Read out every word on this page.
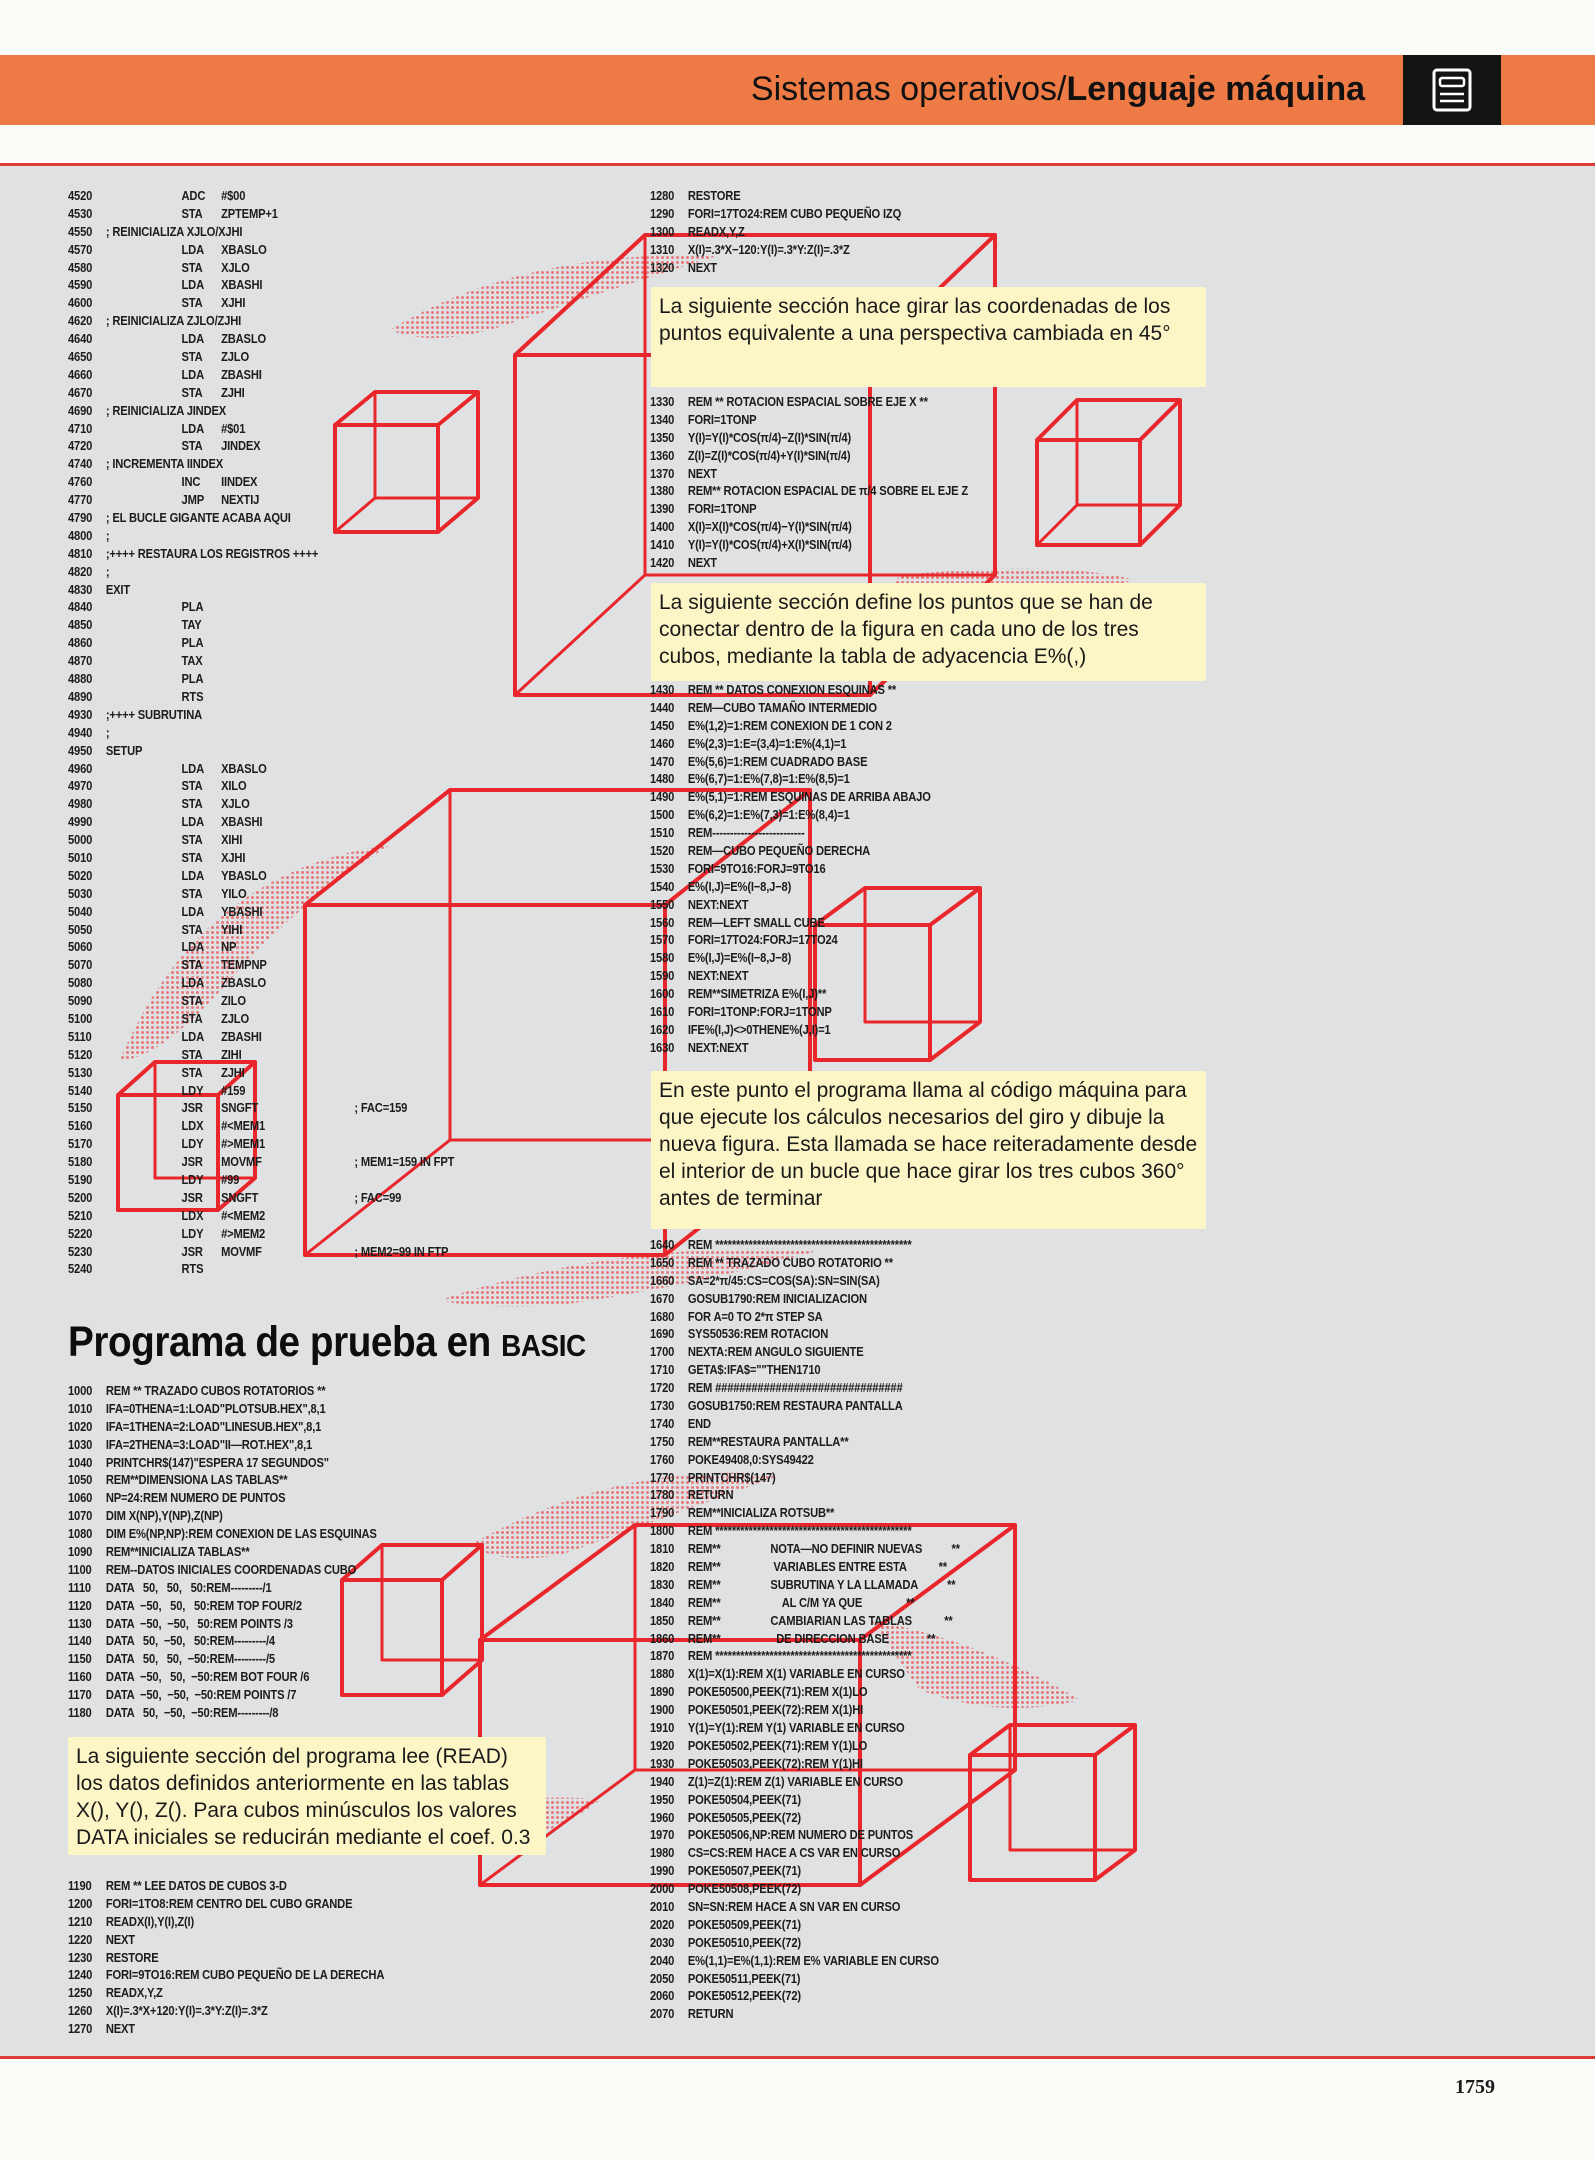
Sistemas operativos/Lenguaje máquina
4520	ADC #$00
4530	STA ZPTEMP+1
4550 ; REINICIALIZA XJLO/XJHI
4570	LDA XBASLO
4580	STA XJLO
4590	LDA XBASHI
4600	STA XJHI
4620 ; REINICIALIZA ZJLO/ZJHI
4640	LDA ZBASLO
4650	STA ZJLO
4660	LDA ZBASHI
4670	STA ZJHI
4690 ; REINICIALIZA JINDEX
4710	LDA #$01
4720	STA JINDEX
4740 ; INCREMENTA IINDEX
4760	INC IINDEX
4770	JMP NEXTIJ
4790 ; EL BUCLE GIGANTE ACABA AQUI
4800 ;
4810 ;++++ RESTAURA LOS REGISTROS ++++
4820 ;
4830 EXIT
4840	PLA
4850	TAY
4860	PLA
4870	TAX
4880	PLA
4890	RTS
4930 ;++++ SUBRUTINA
4940 ;
4950 SETUP
4960	LDA XBASLO
4970	STA XILO
4980	STA XJLO
4990	LDA XBASHI
5000	STA XIHI
5010	STA XJHI
5020	LDA YBASLO
5030	STA YILO
5040	LDA YBASHI
5050	STA YIHI
5060	LDA NP
5070	STA TEMPNP
5080	LDA ZBASLO
5090	STA ZILO
5100	STA ZJLO
5110	LDA ZBASHI
5120	STA ZIHI
5130	STA ZJHI
5140	LDY #159
5150	JSR SNGFT	; FAC=159
5160	LDX #<MEM1
5170	LDY #>MEM1
5180	JSR MOVMF	; MEM1=159 IN FPT
5190	LDY #99
5200	JSR SNGFT	; FAC=99
5210	LDX #<MEM2
5220	LDY #>MEM2
5230	JSR MOVMF	; MEM2=99 IN FTP
5240	RTS
Programa de prueba en BASIC
1000 REM ** TRAZADO CUBOS ROTATORIOS **
1010 IFA=0THENA=1:LOAD"PLOTSUB.HEX",8,1
1020 IFA=1THENA=2:LOAD"LINESUB.HEX",8,1
1030 IFA=2THENA=3:LOAD"II—ROT.HEX",8,1
1040 PRINTCHR$(147)"ESPERA 17 SEGUNDOS"
1050 REM**DIMENSIONA LAS TABLAS**
1060 NP=24:REM NUMERO DE PUNTOS
1070 DIM X(NP),Y(NP),Z(NP)
1080 DIM E%(NP,NP):REM CONEXION DE LAS ESQUINAS
1090 REM**INICIALIZA TABLAS**
1100 REM--DATOS INICIALES COORDENADAS CUBO
1110 DATA   50,   50,   50:REM---------/1
1120 DATA  −50,   50,   50:REM TOP FOUR/2
1130 DATA  −50,  −50,   50:REM POINTS /3
1140 DATA   50,  −50,   50:REM---------/4
1150 DATA   50,   50,  −50:REM---------/5
1160 DATA  −50,   50,  −50:REM BOT FOUR /6
1170 DATA  −50,  −50,  −50:REM POINTS /7
1180 DATA   50,  −50,  −50:REM---------/8
La siguiente sección del programa lee (READ) los datos definidos anteriormente en las tablas X(), Y(), Z(). Para cubos minúsculos los valores DATA iniciales se reducirán mediante el coef. 0.3
1190 REM ** LEE DATOS DE CUBOS 3-D
1200 FORI=1TO8:REM CENTRO DEL CUBO GRANDE
1210 READX(I),Y(I),Z(I)
1220 NEXT
1230 RESTORE
1240 FORI=9TO16:REM CUBO PEQUEÑO DE LA DERECHA
1250 READX,Y,Z
1260 X(I)=.3*X+120:Y(I)=.3*Y:Z(I)=.3*Z
1270 NEXT
1280 RESTORE
1290 FORI=17TO24:REM CUBO PEQUEÑO IZQ
1300 READX,Y,Z
1310 X(I)=.3*X−120:Y(I)=.3*Y:Z(I)=.3*Z
1320 NEXT
La siguiente sección hace girar las coordenadas de los puntos equivalente a una perspectiva cambiada en 45°
1330 REM ** ROTACION ESPACIAL SOBRE EJE X **
1340 FORI=1TONP
1350 Y(I)=Y(I)*COS(π/4)−Z(I)*SIN(π/4)
1360 Z(I)=Z(I)*COS(π/4)+Y(I)*SIN(π/4)
1370 NEXT
1380 REM** ROTACION ESPACIAL DE π/4 SOBRE EL EJE Z
1390 FORI=1TONP
1400 X(I)=X(I)*COS(π/4)−Y(I)*SIN(π/4)
1410 Y(I)=Y(I)*COS(π/4)+X(I)*SIN(π/4)
1420 NEXT
La siguiente sección define los puntos que se han de conectar dentro de la figura en cada uno de los tres cubos, mediante la tabla de adyacencia E%(,)
1430 REM ** DATOS CONEXION ESQUINAS **
1440 REM—CUBO TAMAÑO INTERMEDIO
1450 E%(1,2)=1:REM CONEXION DE 1 CON 2
1460 E%(2,3)=1:E=(3,4)=1:E%(4,1)=1
1470 E%(5,6)=1:REM CUADRADO BASE
1480 E%(6,7)=1:E%(7,8)=1:E%(8,5)=1
1490 E%(5,1)=1:REM ESQUINAS DE ARRIBA ABAJO
1500 E%(6,2)=1:E%(7,3)=1:E%(8,4)=1
1510 REM--------------------------
1520 REM—CUBO PEQUEÑO DERECHA
1530 FORI=9TO16:FORJ=9TO16
1540 E%(I,J)=E%(I−8,J−8)
1550 NEXT:NEXT
1560 REM—LEFT SMALL CUBE
1570 FORI=17TO24:FORJ=17TO24
1580 E%(I,J)=E%(I−8,J−8)
1590 NEXT:NEXT
1600 REM**SIMETRIZA E%(I,J)**
1610 FORI=1TONP:FORJ=1TONP
1620 IFE%(I,J)<>0THENE%(J,I)=1
1630 NEXT:NEXT
En este punto el programa llama al código máquina para que ejecute los cálculos necesarios del giro y dibuje la nueva figura. Esta llamada se hace reiteradamente desde el interior de un bucle que hace girar los tres cubos 360° antes de terminar
1640 REM ***********************************************
1650 REM ** TRAZADO CUBO ROTATORIO **
1660 SA=2*π/45:CS=COS(SA):SN=SIN(SA)
1670 GOSUB1790:REM INICIALIZACION
1680 FOR A=0 TO 2*π STEP SA
1690 SYS50536:REM ROTACION
1700 NEXTA:REM ANGULO SIGUIENTE
1710 GETA$:IFA$=""THEN1710
1720 REM ###############################
1730 GOSUB1750:REM RESTAURA PANTALLA
1740 END
1750 REM**RESTAURA PANTALLA**
1760 POKE49408,0:SYS49422
1770 PRINTCHR$(147)
1780 RETURN
1790 REM**INICIALIZA ROTSUB**
1800 REM ***********************************************
1810 REM**                 NOTA—NO DEFINIR NUEVAS          **
1820 REM**                  VARIABLES ENTRE ESTA           **
1830 REM**                 SUBRUTINA Y LA LLAMADA          **
1840 REM**                     AL C/M YA QUE               **
1850 REM**                 CAMBIARIAN LAS TABLAS           **
1860 REM**                   DE DIRECCION BASE             **
1870 REM ***********************************************
1880 X(1)=X(1):REM X(1) VARIABLE EN CURSO
1890 POKE50500,PEEK(71):REM X(1)LO
1900 POKE50501,PEEK(72):REM X(1)HI
1910 Y(1)=Y(1):REM Y(1) VARIABLE EN CURSO
1920 POKE50502,PEEK(71):REM Y(1)LO
1930 POKE50503,PEEK(72):REM Y(1)HI
1940 Z(1)=Z(1):REM Z(1) VARIABLE EN CURSO
1950 POKE50504,PEEK(71)
1960 POKE50505,PEEK(72)
1970 POKE50506,NP:REM NUMERO DE PUNTOS
1980 CS=CS:REM HACE A CS VAR EN CURSO
1990 POKE50507,PEEK(71)
2000 POKE50508,PEEK(72)
2010 SN=SN:REM HACE A SN VAR EN CURSO
2020 POKE50509,PEEK(71)
2030 POKE50510,PEEK(72)
2040 E%(1,1)=E%(1,1):REM E% VARIABLE EN CURSO
2050 POKE50511,PEEK(71)
2060 POKE50512,PEEK(72)
2070 RETURN
1759
